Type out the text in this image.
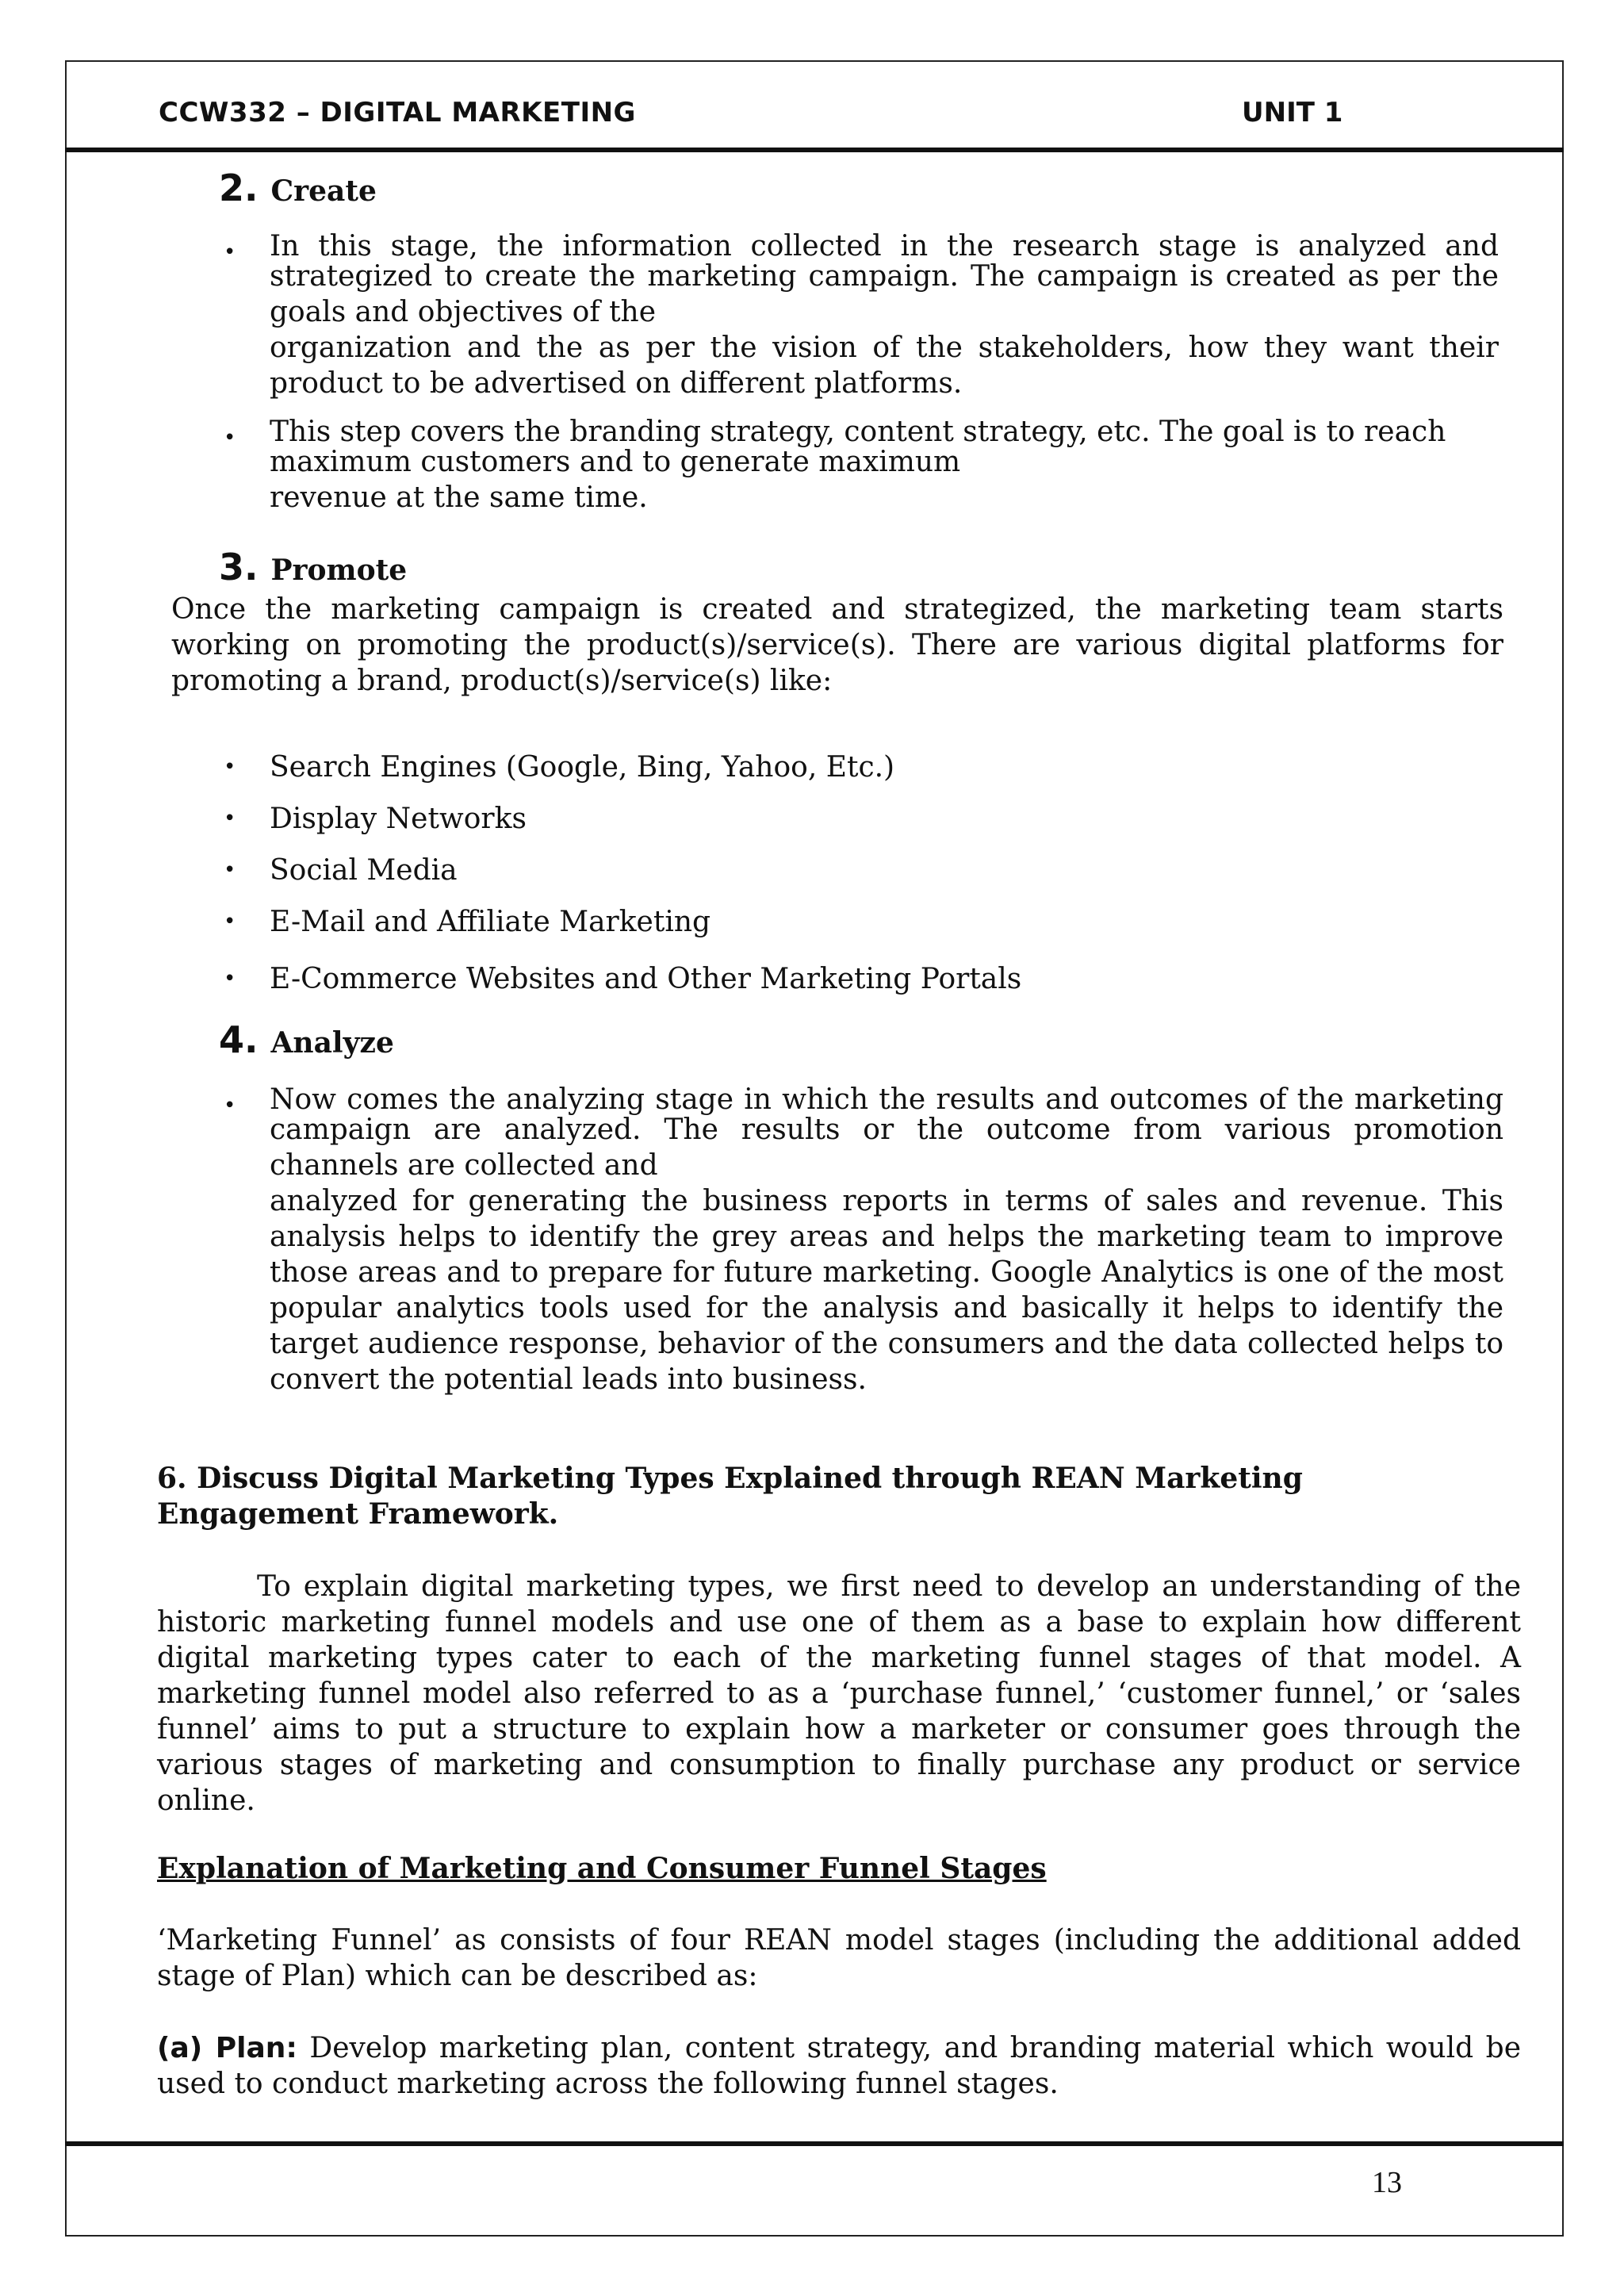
CCW332 – DIGITAL MARKETING	UNIT 1
2. Create
• In this stage, the information collected in the research stage is analyzed and

strategized to create the marketing campaign. The campaign is created as per the

goals and objectives of the

organization and the as per the vision of the stakeholders, how they want their

product to be advertised on different platforms.

• This step covers the branding strategy, content strategy, etc. The goal is to reach

maximum customers and to generate maximum

revenue at the same time.

3. Promote

Once the marketing campaign is created and strategized, the marketing team starts working on promoting the product(s)/service(s). There are various digital platforms for promoting a brand, product(s)/service(s) like:

• Search Engines (Google, Bing, Yahoo, Etc.)
• Display Networks
• Social Media
• E-Mail and Affiliate Marketing
• E-Commerce Websites and Other Marketing Portals
4. Analyze
• Now comes the analyzing stage in which the results and outcomes of the marketing

campaign are analyzed. The results or the outcome from various promotion

channels are collected and

analyzed for generating the business reports in terms of sales and revenue. This analysis helps to identify the grey areas and helps the marketing team to improve those areas and to prepare for future marketing. Google Analytics is one of the most popular analytics tools used for the analysis and basically it helps to identify the target audience response, behavior of the consumers and the data collected helps to convert the potential leads into business.

6. Discuss Digital Marketing Types Explained through REAN Marketing Engagement Framework.

To explain digital marketing types, we first need to develop an understanding of the historic marketing funnel models and use one of them as a base to explain how different digital marketing types cater to each of the marketing funnel stages of that model. A marketing funnel model also referred to as a ‘purchase funnel,’ ‘customer funnel,’ or ‘sales funnel’ aims to put a structure to explain how a marketer or consumer goes through the various stages of marketing and consumption to finally purchase any product or service online.

Explanation of Marketing and Consumer Funnel Stages

‘Marketing Funnel’ as consists of four REAN model stages (including the additional added stage of Plan) which can be described as:

(a) Plan: Develop marketing plan, content strategy, and branding material which would be used to conduct marketing across the following funnel stages.

13
